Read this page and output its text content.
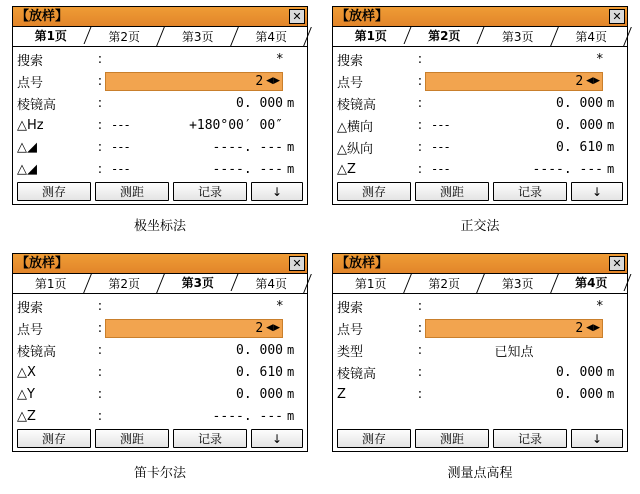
【放样】	✕
第1页	第2页	第3页	第4页
搜索	:	*
点号	:	2 ◀ ▶
棱镜高	:	0. 000 m
△Hz	: ---	+180°00′ 00″
△◢	: ---	----. --- m
△◢	: ---	----. --- m
测存	测距	记录	↓
极坐标法
【放样】	✕
第1页	第2页	第3页	第4页
搜索	:	*
点号	:	2 ◀ ▶
棱镜高	:	0. 000 m
△横向	: ---	0. 000 m
△纵向	: ---	0. 610 m
△Z	: ---	----. --- m
测存	测距	记录	↓
正交法
【放样】	✕
第1页	第2页	第3页	第4页
搜索	:	*
点号	:	2 ◀ ▶
棱镜高	:	0. 000 m
△X	:	0. 610 m
△Y	:	0. 000 m
△Z	:	----. --- m
测存	测距	记录	↓
笛卡尔法
【放样】	✕
第1页	第2页	第3页	第4页
搜索	:	*
点号	:	2 ◀ ▶
类型	:	已知点
棱镜高	:	0. 000 m
Z	:	0. 000 m
测存	测距	记录	↓
测量点高程
